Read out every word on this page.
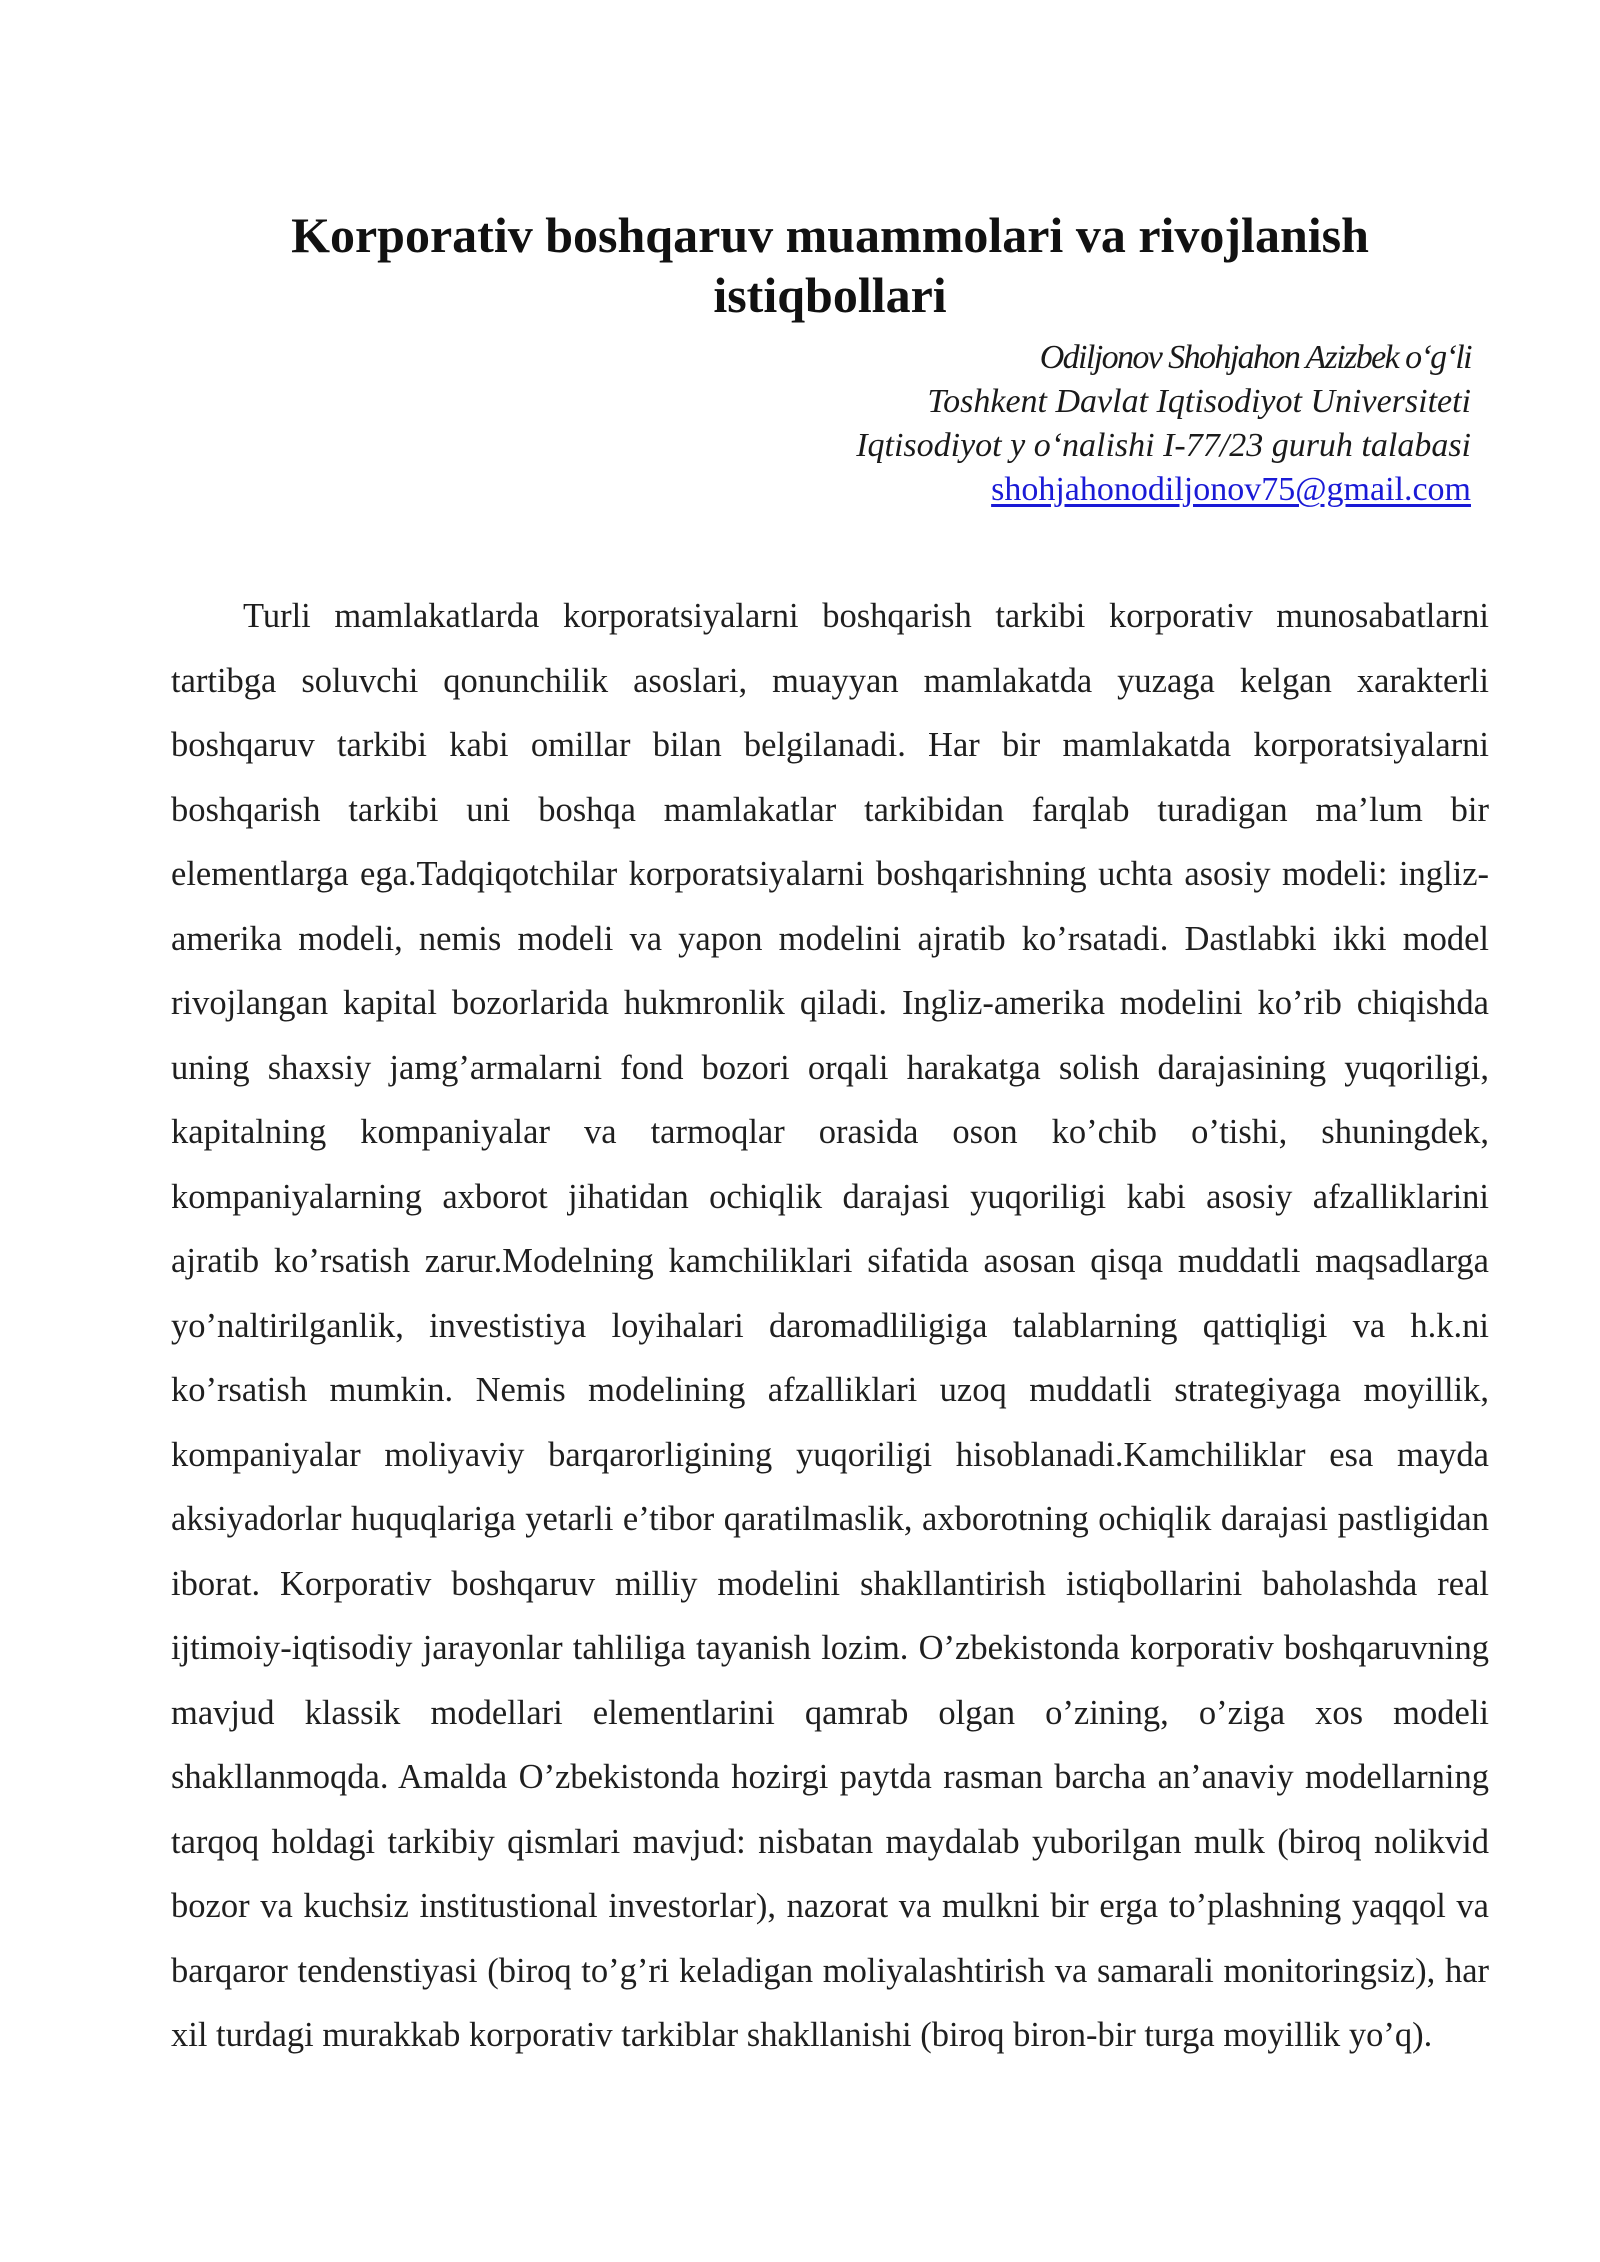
Korporativ boshqaruv muammolari va rivojlanish istiqbollari
Odiljonov Shohjahon Azizbek o‘g‘li
Toshkent Davlat Iqtisodiyot Universiteti
Iqtisodiyot y o‘nalishi I-77/23 guruh talabasi
shohjahonodiljonov75@gmail.com

Turli mamlakatlarda korporatsiyalarni boshqarish tarkibi korporativ munosabatlarni tartibga soluvchi qonunchilik asoslari, muayyan mamlakatda yuzaga kelgan xarakterli boshqaruv tarkibi kabi omillar bilan belgilanadi. Har bir mamlakatda korporatsiyalarni boshqarish tarkibi uni boshqa mamlakatlar tarkibidan farqlab turadigan ma’lum bir elementlarga ega.Tadqiqotchilar korporatsiyalarni boshqarishning uchta asosiy modeli: ingliz-amerika modeli, nemis modeli va yapon modelini ajratib ko’rsatadi. Dastlabki ikki model rivojlangan kapital bozorlarida hukmronlik qiladi. Ingliz-amerika modelini ko’rib chiqishda uning shaxsiy jamg’armalarni fond bozori orqali harakatga solish darajasining yuqoriligi, kapitalning kompaniyalar va tarmoqlar orasida oson ko’chib o’tishi, shuningdek, kompaniyalarning axborot jihatidan ochiqlik darajasi yuqoriligi kabi asosiy afzalliklarini ajratib ko’rsatish zarur.Modelning kamchiliklari sifatida asosan qisqa muddatli maqsadlarga yo’naltirilganlik, investistiya loyihalari daromadliligiga talablarning qattiqligi va h.k.ni ko’rsatish mumkin. Nemis modelining afzalliklari uzoq muddatli strategiyaga moyillik, kompaniyalar moliyaviy barqarorligining yuqoriligi hisoblanadi.Kamchiliklar esa mayda aksiyadorlar huquqlariga yetarli e’tibor qaratilmaslik, axborotning ochiqlik darajasi pastligidan iborat. Korporativ boshqaruv milliy modelini shakllantirish istiqbollarini baholashda real ijtimoiy-iqtisodiy jarayonlar tahliliga tayanish lozim. O’zbekistonda korporativ boshqaruvning mavjud klassik modellari elementlarini qamrab olgan o’zining, o’ziga xos modeli shakllanmoqda. Amalda O’zbekistonda hozirgi paytda rasman barcha an’anaviy modellarning tarqoq holdagi tarkibiy qismlari mavjud: nisbatan maydalab yuborilgan mulk (biroq nolikvid bozor va kuchsiz institustional investorlar), nazorat va mulkni bir erga to’plashning yaqqol va barqaror tendenstiyasi (biroq to’g’ri keladigan moliyalashtirish va samarali monitoringsiz), har xil turdagi murakkab korporativ tarkiblar shakllanishi (biroq biron-bir turga moyillik yo’q).
